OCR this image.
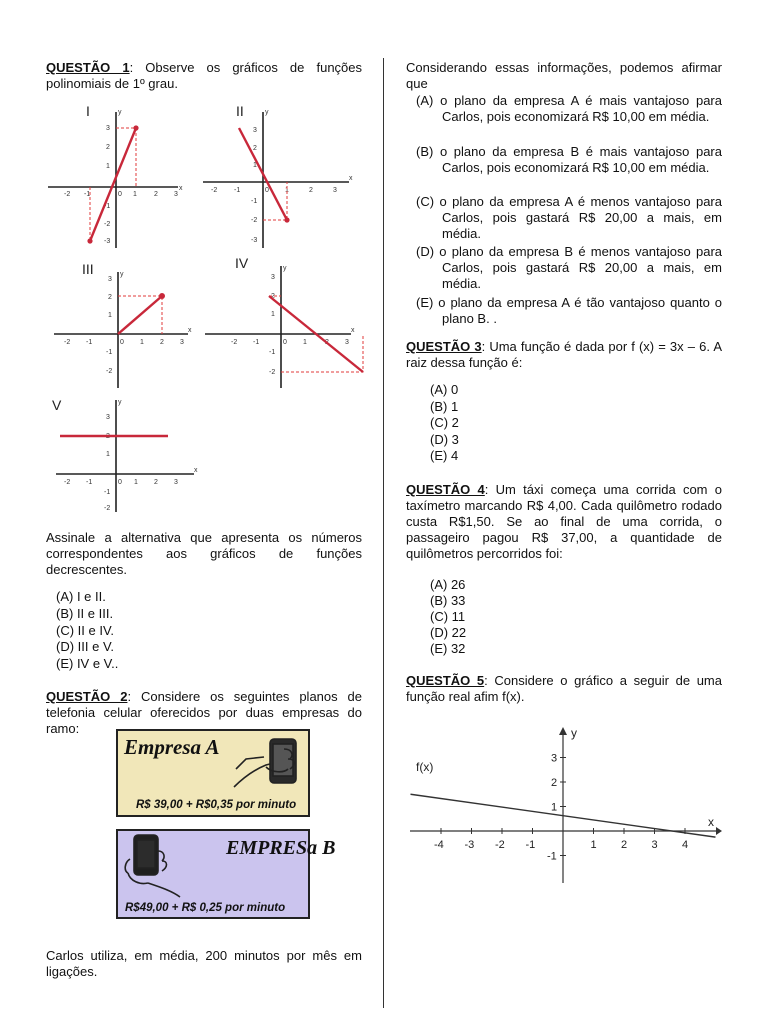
QUESTÃO 1: Observe os gráficos de funções polinomiais de 1º grau.
I
x
y
-2 -1	0 1 2 3
3
2
1
-1
-2
-3
II
x
y
-2 -1	0 1	2	3
3
2
1
-1
-2
-3
III
x
y
-2 -1	0 1 2 3
3
2
1
-1
-2
IV
x
y
-2 -1	0 1	2 3
3
2
1
-1
-2
V
x
y
-2 -1	0 1 2 3
3
2
1
-1
-2
Assinale a alternativa que apresenta os números correspondentes aos gráficos de funções decrescentes.
(A) I e II.
(B) II e III.
(C) II e IV.
(D) III e V.
(E) IV e V..
QUESTÃO 2: Considere os seguintes planos de telefonia celular oferecidos por duas empresas do ramo:
Empresa A
R$ 39,00 + R$0,35 por minuto
EMPRESa B
R$49,00 + R$ 0,25 por minuto
Carlos utiliza, em média, 200 minutos por mês em ligações.
Considerando essas informações, podemos afirmar que
(A) o plano da empresa A é mais vantajoso para Carlos, pois economizará R$ 10,00 em média.
(B) o plano da empresa B é mais vantajoso para Carlos, pois economizará R$ 10,00 em média.
(C) o plano da empresa A é menos vantajoso para Carlos, pois gastará R$ 20,00 a mais, em média.
(D) o plano da empresa B é menos vantajoso para Carlos, pois gastará R$ 20,00 a mais, em média.
(E) o plano da empresa A é tão vantajoso quanto o plano B. .
QUESTÃO 3: Uma função é dada por f (x) = 3x – 6. A raiz dessa função é:
(A) 0
(B) 1
(C) 2
(D) 3
(E) 4
QUESTÃO 4: Um táxi começa uma corrida com o taxímetro marcando R$ 4,00. Cada quilômetro rodado custa R$1,50. Se ao final de uma corrida, o passageiro pagou R$ 37,00, a quantidade de quilômetros percorridos foi:
(A) 26
(B) 33
(C) 11
(D) 22
(E) 32
QUESTÃO 5: Considere o gráfico a seguir de uma função real afim f(x).
y
x
f(x)
-4 -3 -2 -1	1 2 3 4
-1
1
2
3
